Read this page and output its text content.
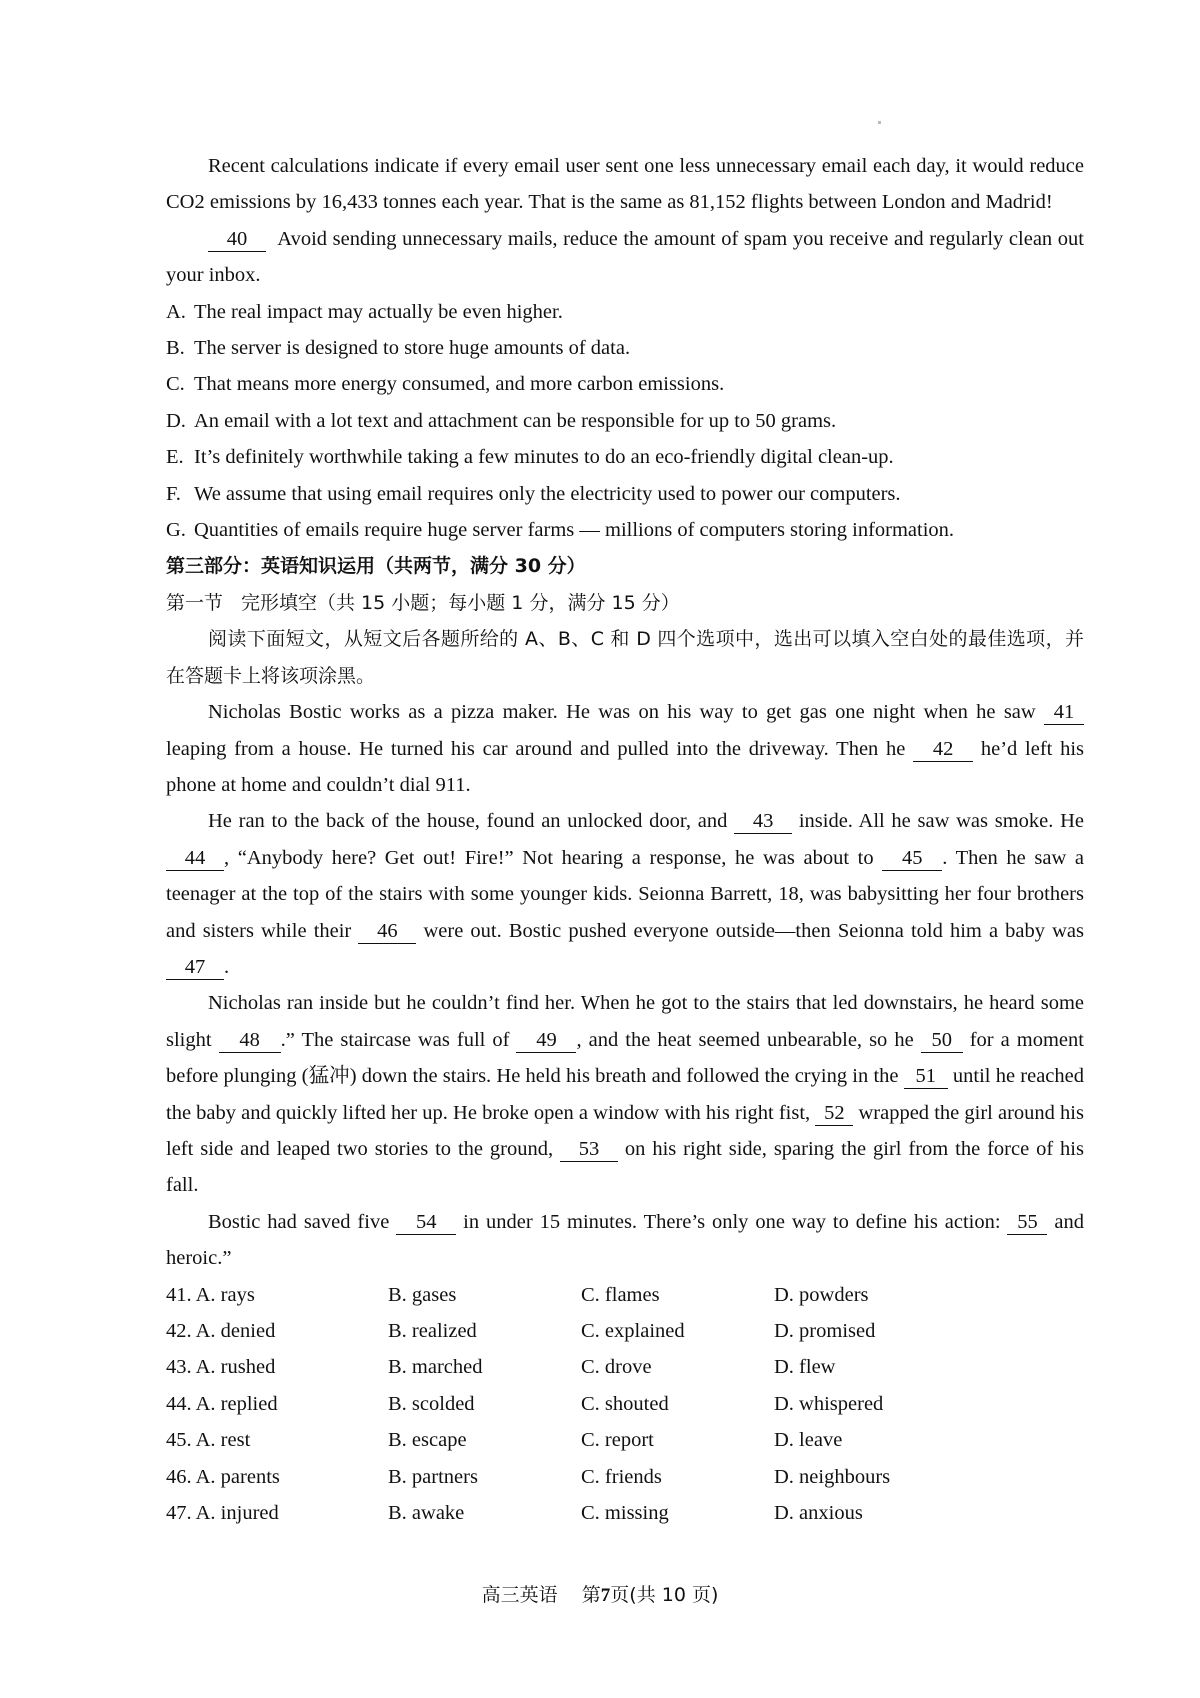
Recent calculations indicate if every email user sent one less unnecessary email each day, it would reduce CO2 emissions by 16,433 tonnes each year. That is the same as 81,152 flights between London and Madrid!
40 Avoid sending unnecessary mails, reduce the amount of spam you receive and regularly clean out your inbox.
A. The real impact may actually be even higher.
B. The server is designed to store huge amounts of data.
C. That means more energy consumed, and more carbon emissions.
D. An email with a lot text and attachment can be responsible for up to 50 grams.
E. It’s definitely worthwhile taking a few minutes to do an eco-friendly digital clean-up.
F. We assume that using email requires only the electricity used to power our computers.
G. Quantities of emails require huge server farms — millions of computers storing information.
第三部分：英语知识运用（共两节，满分 30 分）
第一节 完形填空（共 15 小题；每小题 1 分，满分 15 分）
阅读下面短文，从短文后各题所给的 A、B、C 和 D 四个选项中，选出可以填入空白处的最佳选项，并在答题卡上将该项涂黑。
Nicholas Bostic works as a pizza maker. He was on his way to get gas one night when he saw 41 leaping from a house. He turned his car around and pulled into the driveway. Then he 42 he’d left his phone at home and couldn’t dial 911.
He ran to the back of the house, found an unlocked door, and 43 inside. All he saw was smoke. He 44 , “Anybody here? Get out! Fire!” Not hearing a response, he was about to 45 . Then he saw a teenager at the top of the stairs with some younger kids. Seionna Barrett, 18, was babysitting her four brothers and sisters while their 46 were out. Bostic pushed everyone outside—then Seionna told him a baby was 47 .
Nicholas ran inside but he couldn’t find her. When he got to the stairs that led downstairs, he heard some slight 48 .” The staircase was full of 49 , and the heat seemed unbearable, so he 50 for a moment before plunging (猛冲) down the stairs. He held his breath and followed the crying in the 51 until he reached the baby and quickly lifted her up. He broke open a window with his right fist, 52 wrapped the girl around his left side and leaped two stories to the ground, 53 on his right side, sparing the girl from the force of his fall.
Bostic had saved five 54 in under 15 minutes. There’s only one way to define his action: 55 and heroic.”
41. A. rays	B. gases	C. flames	D. powders
42. A. denied	B. realized	C. explained	D. promised
43. A. rushed	B. marched	C. drove	D. flew
44. A. replied	B. scolded	C. shouted	D. whispered
45. A. rest	B. escape	C. report	D. leave
46. A. parents	B. partners	C. friends	D. neighbours
47. A. injured	B. awake	C. missing	D. anxious
高三英语 第7页(共 10 页)
